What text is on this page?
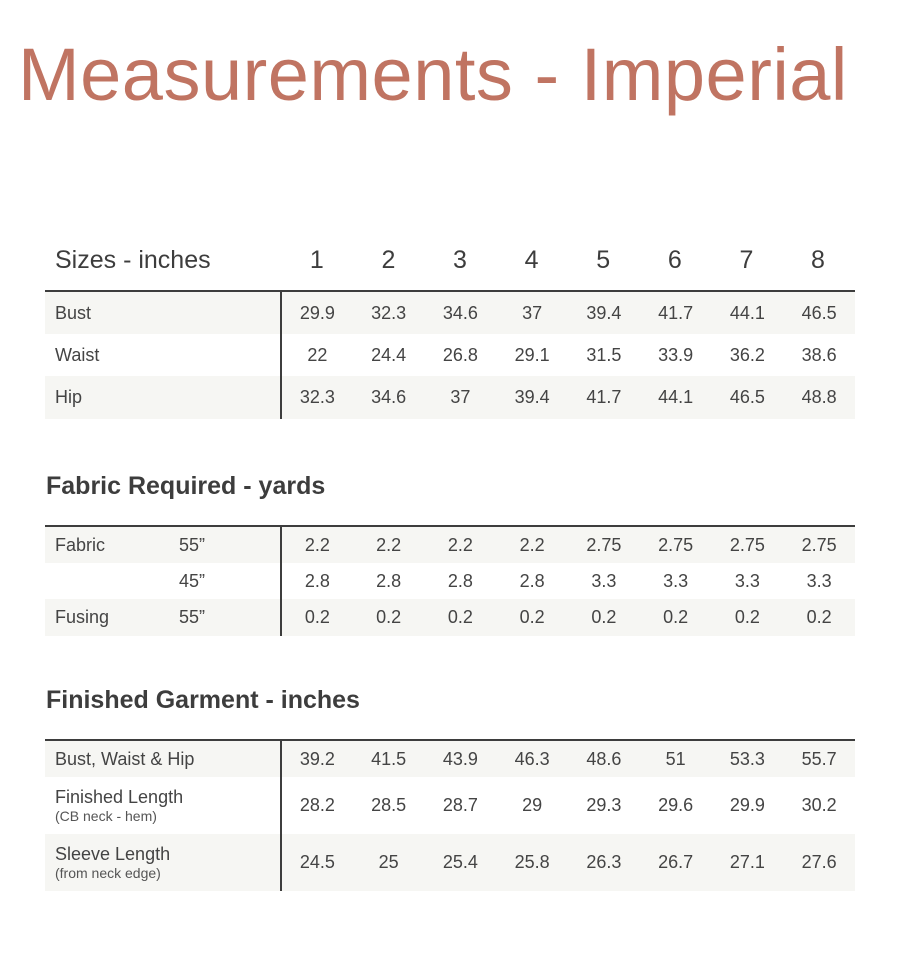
Measurements - Imperial
Sizes - inches	1	2	3	4	5	6	7	8
Bust	29.9	32.3	34.6	37	39.4	41.7	44.1	46.5
Waist	22	24.4	26.8	29.1	31.5	33.9	36.2	38.6
Hip	32.3	34.6	37	39.4	41.7	44.1	46.5	48.8
Fabric Required - yards
Fabric	55”	2.2	2.2	2.2	2.2	2.75	2.75	2.75	2.75
	45”	2.8	2.8	2.8	2.8	3.3	3.3	3.3	3.3
Fusing	55”	0.2	0.2	0.2	0.2	0.2	0.2	0.2	0.2
Finished Garment - inches
Bust, Waist & Hip	39.2	41.5	43.9	46.3	48.6	51	53.3	55.7

Finished Length
(CB neck - hem)	28.2	28.5	28.7	29	29.3	29.6	29.9	30.2

Sleeve Length
(from neck edge)	24.5	25	25.4	25.8	26.3	26.7	27.1	27.6
